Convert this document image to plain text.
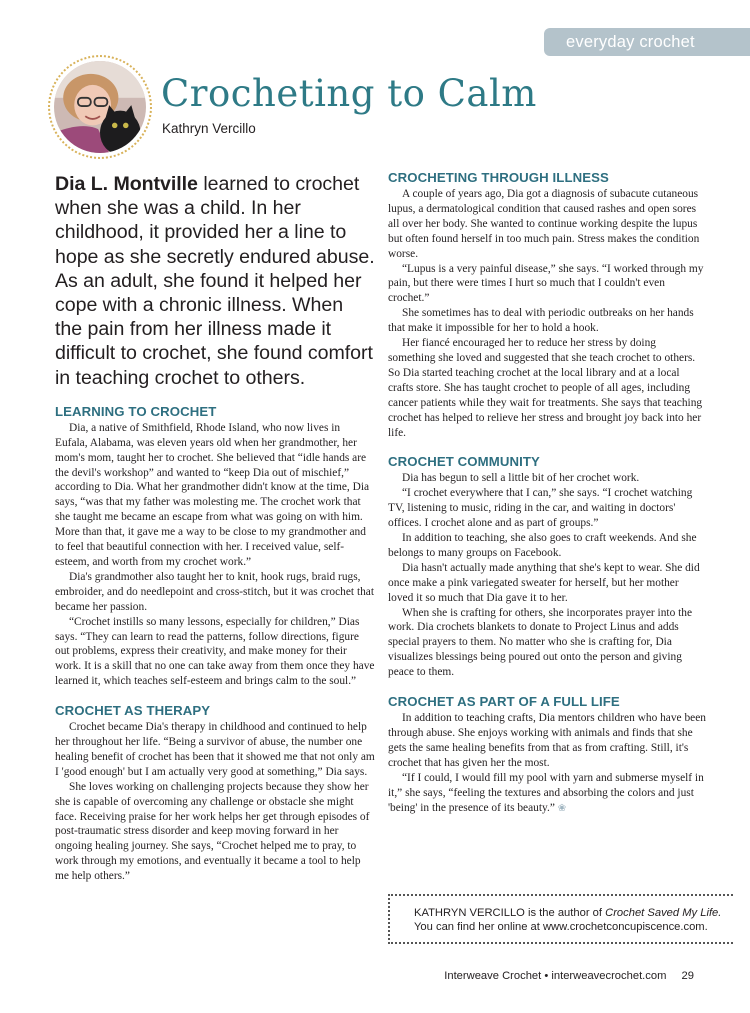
everyday crochet
Crocheting to Calm

Kathryn Vercillo

Dia L. Montville learned to crochet when she was a child. In her childhood, it provided her a line to hope as she secretly endured abuse. As an adult, she found it helped her cope with a chronic illness. When the pain from her illness made it difficult to crochet, she found comfort in teaching crochet to others.

LEARNING TO CROCHET

Dia, a native of Smithfield, Rhode Island, who now lives in Eufala, Alabama, was eleven years old when her grandmother, her mom's mom, taught her to crochet. She believed that “idle hands are the devil's workshop” and wanted to “keep Dia out of mischief,” according to Dia. What her grandmother didn't know at the time, Dia says, “was that my father was molesting me. The crochet work that she taught me became an escape from what was going on with him. More than that, it gave me a way to be close to my grandmother and to feel that beautiful connection with her. I received value, self-esteem, and worth from my crochet work.”

Dia's grandmother also taught her to knit, hook rugs, braid rugs, embroider, and do needlepoint and cross-stitch, but it was crochet that became her passion.

“Crochet instills so many lessons, especially for children,” Dias says. “They can learn to read the patterns, follow directions, figure out problems, express their creativity, and make money for their work. It is a skill that no one can take away from them once they have learned it, which teaches self-esteem and brings calm to the soul.”

CROCHET AS THERAPY

Crochet became Dia's therapy in childhood and continued to help her throughout her life. “Being a survivor of abuse, the number one healing benefit of crochet has been that it showed me that not only am I 'good enough' but I am actually very good at something,” Dia says.

She loves working on challenging projects because they show her she is capable of overcoming any challenge or obstacle she might face. Receiving praise for her work helps her get through episodes of post-traumatic stress disorder and keep moving forward in her ongoing healing journey. She says, “Crochet helped me to pray, to work through my emotions, and eventually it became a tool to help me help others.”

CROCHETING THROUGH ILLNESS

A couple of years ago, Dia got a diagnosis of subacute cutaneous lupus, a dermatological condition that caused rashes and open sores all over her body. She wanted to continue working despite the lupus but often found herself in too much pain. Stress makes the condition worse.

“Lupus is a very painful disease,” she says. “I worked through my pain, but there were times I hurt so much that I couldn't even crochet.”

She sometimes has to deal with periodic outbreaks on her hands that make it impossible for her to hold a hook.

Her fiancé encouraged her to reduce her stress by doing something she loved and suggested that she teach crochet to others. So Dia started teaching crochet at the local library and at a local crafts store. She has taught crochet to people of all ages, including cancer patients while they wait for treatments. She says that teaching crochet has helped to relieve her stress and brought joy back into her life.

CROCHET COMMUNITY

Dia has begun to sell a little bit of her crochet work.

“I crochet everywhere that I can,” she says. “I crochet watching TV, listening to music, riding in the car, and waiting in doctors' offices. I crochet alone and as part of groups.”

In addition to teaching, she also goes to craft weekends. And she belongs to many groups on Facebook.

Dia hasn't actually made anything that she's kept to wear. She did once make a pink variegated sweater for herself, but her mother loved it so much that Dia gave it to her.

When she is crafting for others, she incorporates prayer into the work. Dia crochets blankets to donate to Project Linus and adds special prayers to them. No matter who she is crafting for, Dia visualizes blessings being poured out onto the person and giving peace to them.

CROCHET AS PART OF A FULL LIFE

In addition to teaching crafts, Dia mentors children who have been through abuse. She enjoys working with animals and finds that she gets the same healing benefits from that as from crafting. Still, it's crochet that has given her the most.

“If I could, I would fill my pool with yarn and submerse myself in it,” she says, “feeling the textures and absorbing the colors and just 'being' in the presence of its beauty.” ❀

KATHRYN VERCILLO is the author of Crochet Saved My Life.
You can find her online at www.crochetconcupiscence.com.
Interweave Crochet • interweavecrochet.com 29
